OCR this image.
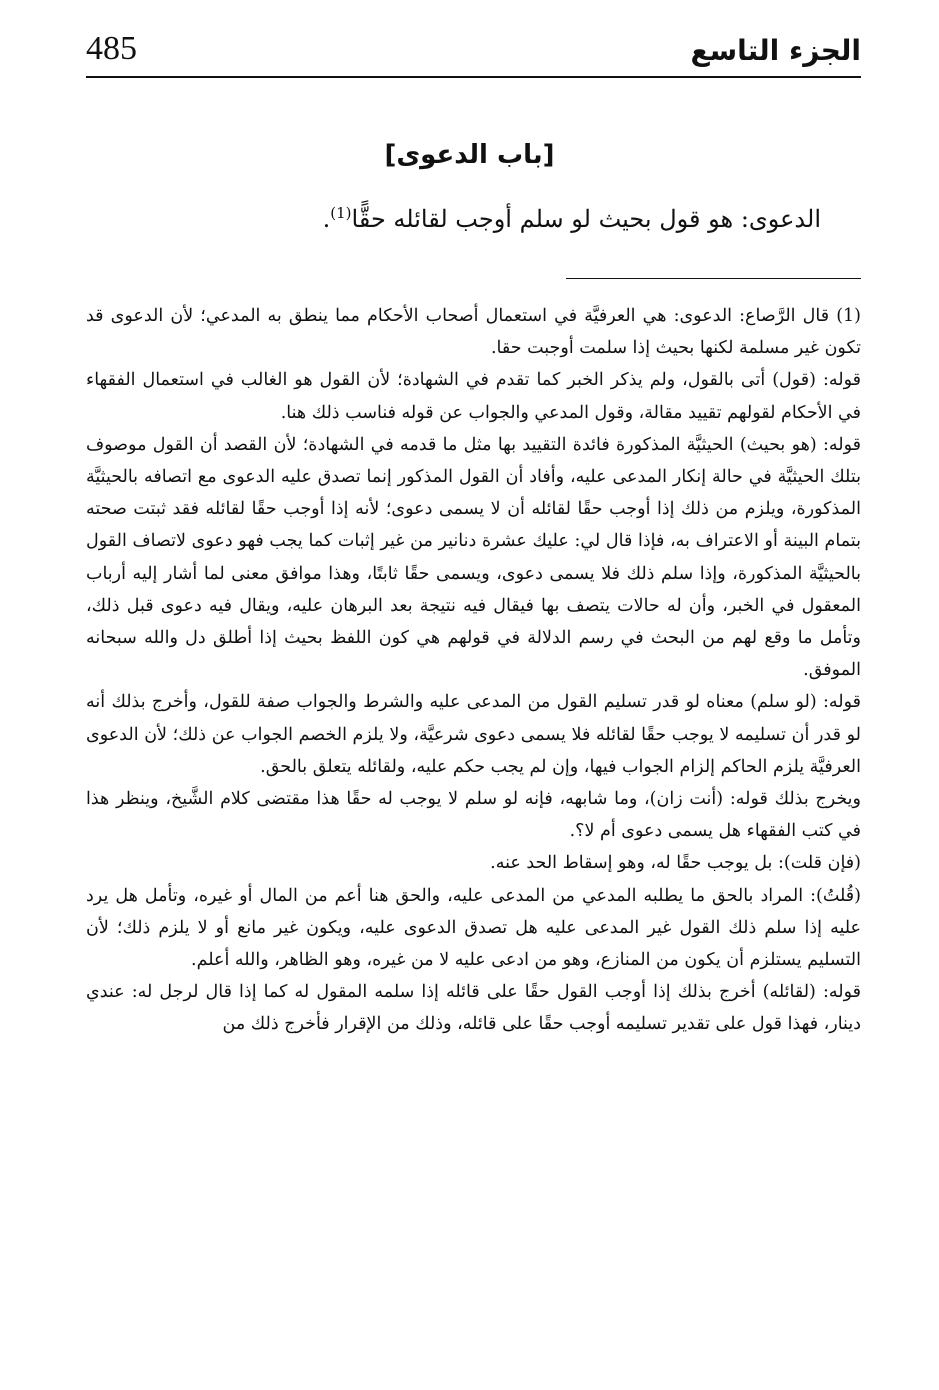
الجزء التاسع
485
[باب الدعوى]
الدعوى: هو قول بحيث لو سلم أوجب لقائله حقًّا$^{(1)}$.

(1) قال الرَّصاع: الدعوى: هي العرفيَّة في استعمال أصحاب الأحكام مما ينطق به المدعي؛ لأن الدعوى قد تكون غير مسلمة لكنها بحيث إذا سلمت أوجبت حقا.

قوله: (قول) أتى بالقول، ولم يذكر الخبر كما تقدم في الشهادة؛ لأن القول هو الغالب في استعمال الفقهاء في الأحكام لقولهم تقييد مقالة، وقول المدعي والجواب عن قوله فناسب ذلك هنا.

قوله: (هو بحيث) الحيثيَّة المذكورة فائدة التقييد بها مثل ما قدمه في الشهادة؛ لأن القصد أن القول موصوف بتلك الحيثيَّة في حالة إنكار المدعى عليه، وأفاد أن القول المذكور إنما تصدق عليه الدعوى مع اتصافه بالحيثيَّة المذكورة، ويلزم من ذلك إذا أوجب حقًا لقائله أن لا يسمى دعوى؛ لأنه إذا أوجب حقًا لقائله فقد ثبتت صحته بتمام البينة أو الاعتراف به، فإذا قال لي: عليك عشرة دنانير من غير إثبات كما يجب فهو دعوى لاتصاف القول بالحيثيَّة المذكورة، وإذا سلم ذلك فلا يسمى دعوى، ويسمى حقًا ثابتًا، وهذا موافق معنى لما أشار إليه أرباب المعقول في الخبر، وأن له حالات يتصف بها فيقال فيه نتيجة بعد البرهان عليه، ويقال فيه دعوى قبل ذلك، وتأمل ما وقع لهم من البحث في رسم الدلالة في قولهم هي كون اللفظ بحيث إذا أطلق دل والله سبحانه الموفق.

قوله: (لو سلم) معناه لو قدر تسليم القول من المدعى عليه والشرط والجواب صفة للقول، وأخرج بذلك أنه لو قدر أن تسليمه لا يوجب حقًا لقائله فلا يسمى دعوى شرعيَّة، ولا يلزم الخصم الجواب عن ذلك؛ لأن الدعوى العرفيَّة يلزم الحاكم إلزام الجواب فيها، وإن لم يجب حكم عليه، ولقائله يتعلق بالحق.

ويخرج بذلك قوله: (أنت زان)، وما شابهه، فإنه لو سلم لا يوجب له حقًا هذا مقتضى كلام الشَّيخ، وينظر هذا في كتب الفقهاء هل يسمى دعوى أم لا؟.

(فإن قلت): بل يوجب حقًا له، وهو إسقاط الحد عنه.

(قُلتُ): المراد بالحق ما يطلبه المدعي من المدعى عليه، والحق هنا أعم من المال أو غيره، وتأمل هل يرد عليه إذا سلم ذلك القول غير المدعى عليه هل تصدق الدعوى عليه، ويكون غير مانع أو لا يلزم ذلك؛ لأن التسليم يستلزم أن يكون من المنازع، وهو من ادعى عليه لا من غيره، وهو الظاهر، والله أعلم.

قوله: (لقائله) أخرج بذلك إذا أوجب القول حقًا على قائله إذا سلمه المقول له كما إذا قال لرجل له: عندي دينار، فهذا قول على تقدير تسليمه أوجب حقًا على قائله، وذلك من الإقرار فأخرج ذلك من
